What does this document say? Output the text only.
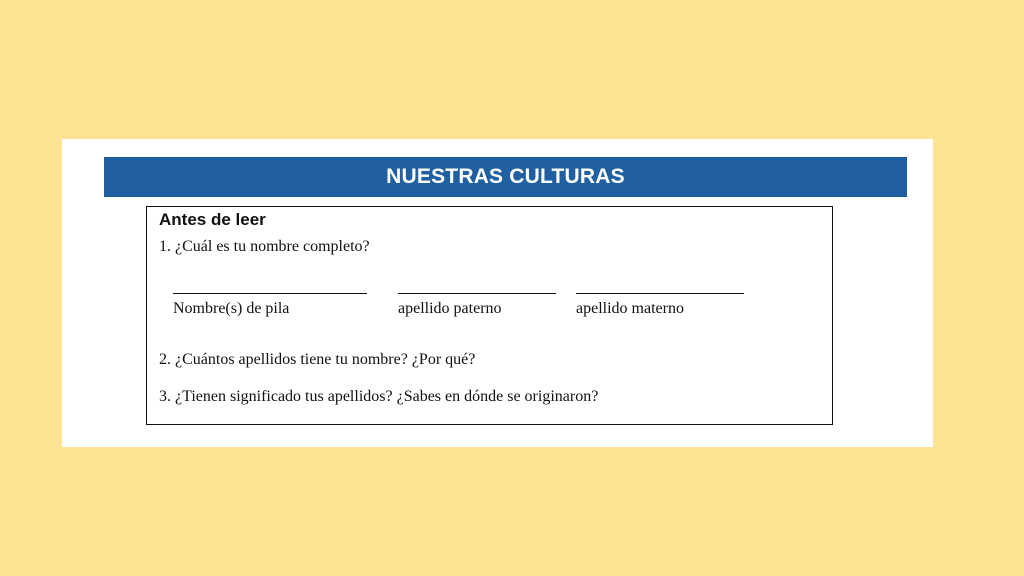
NUESTRAS CULTURAS
Antes de leer
1. ¿Cuál es tu nombre completo?
Nombre(s) de pila	apellido paterno	apellido materno
2. ¿Cuántos apellidos tiene tu nombre? ¿Por qué?
3. ¿Tienen significado tus apellidos? ¿Sabes en dónde se originaron?
